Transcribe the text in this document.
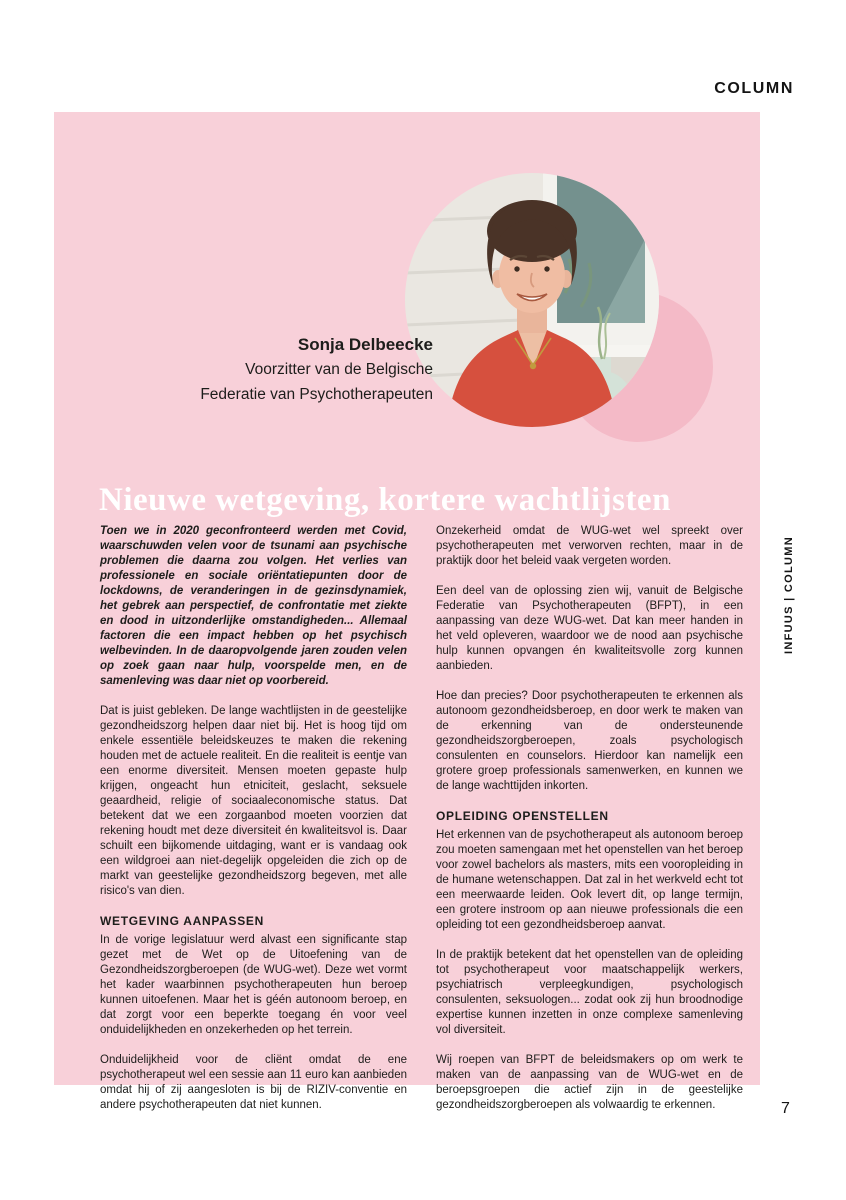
COLUMN
Sonja Delbeecke
Voorzitter van de Belgische
Federatie van Psychotherapeuten
Nieuwe wetgeving, kortere wachtlijsten

Toen we in 2020 geconfronteerd werden met Covid, waarschuwden velen voor de tsunami aan psychische problemen die daarna zou volgen. Het verlies van professionele en sociale oriëntatiepunten door de lockdowns, de veranderingen in de gezinsdynamiek, het gebrek aan perspectief, de confrontatie met ziekte en dood in uitzonderlijke omstandigheden... Allemaal factoren die een impact hebben op het psychisch welbevinden. In de daaropvolgende jaren zouden velen op zoek gaan naar hulp, voorspelde men, en de samenleving was daar niet op voorbereid.

Dat is juist gebleken. De lange wachtlijsten in de geestelijke gezondheidszorg helpen daar niet bij. Het is hoog tijd om enkele essentiële beleidskeuzes te maken die rekening houden met de actuele realiteit. En die realiteit is eentje van een enorme diversiteit. Mensen moeten gepaste hulp krijgen, ongeacht hun etniciteit, geslacht, seksuele geaardheid, religie of sociaaleconomische status. Dat betekent dat we een zorgaanbod moeten voorzien dat rekening houdt met deze diversiteit én kwaliteitsvol is. Daar schuilt een bijkomende uitdaging, want er is vandaag ook een wildgroei aan niet-degelijk opgeleiden die zich op de markt van geestelijke gezondheidszorg begeven, met alle risico's van dien.

WETGEVING AANPASSEN

In de vorige legislatuur werd alvast een significante stap gezet met de Wet op de Uitoefening van de Gezondheidszorgberoepen (de WUG-wet). Deze wet vormt het kader waarbinnen psychotherapeuten hun beroep kunnen uitoefenen. Maar het is géén autonoom beroep, en dat zorgt voor een beperkte toegang én voor veel onduidelijkheden en onzekerheden op het terrein.

Onduidelijkheid voor de cliënt omdat de ene psychotherapeut wel een sessie aan 11 euro kan aanbieden omdat hij of zij aangesloten is bij de RIZIV-conventie en andere psychotherapeuten dat niet kunnen.

Onzekerheid omdat de WUG-wet wel spreekt over psychotherapeuten met verworven rechten, maar in de praktijk door het beleid vaak vergeten worden.

Een deel van de oplossing zien wij, vanuit de Belgische Federatie van Psychotherapeuten (BFPT), in een aanpassing van deze WUG-wet. Dat kan meer handen in het veld opleveren, waardoor we de nood aan psychische hulp kunnen opvangen én kwaliteitsvolle zorg kunnen aanbieden.

Hoe dan precies? Door psychotherapeuten te erkennen als autonoom gezondheidsberoep, en door werk te maken van de erkenning van de ondersteunende gezondheidszorgberoepen, zoals psychologisch consulenten en counselors. Hierdoor kan namelijk een grotere groep professionals samenwerken, en kunnen we de lange wachttijden inkorten.

OPLEIDING OPENSTELLEN

Het erkennen van de psychotherapeut als autonoom beroep zou moeten samengaan met het openstellen van het beroep voor zowel bachelors als masters, mits een vooropleiding in de humane wetenschappen. Dat zal in het werkveld echt tot een meerwaarde leiden. Ook levert dit, op lange termijn, een grotere instroom op aan nieuwe professionals die een opleiding tot een gezondheidsberoep aanvat.

In de praktijk betekent dat het openstellen van de opleiding tot psychotherapeut voor maatschappelijk werkers, psychiatrisch verpleegkundigen, psychologisch consulenten, seksuologen... zodat ook zij hun broodnodige expertise kunnen inzetten in onze complexe samenleving vol diversiteit.

Wij roepen van BFPT de beleidsmakers op om werk te maken van de aanpassing van de WUG-wet en de beroepsgroepen die actief zijn in de geestelijke gezondheidszorgberoepen als volwaardig te erkennen.

INFUUS | COLUMN
7
